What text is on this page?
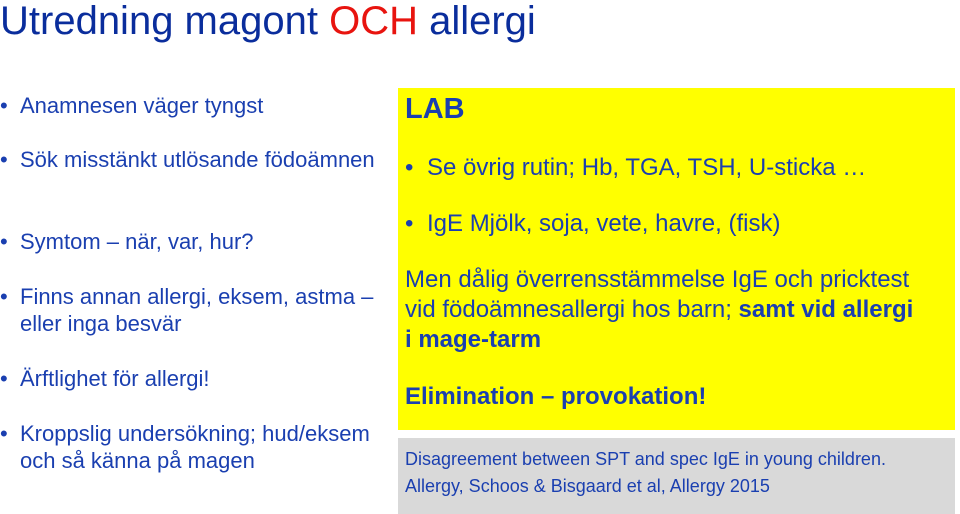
Utredning magont OCH allergi
• Anamnesen väger tyngst
• Sök misstänkt utlösande födoämnen
• Symtom – när, var, hur?
• Finns annan allergi, eksem, astma – eller inga besvär
• Ärftlighet för allergi!
• Kroppslig undersökning; hud/eksem och så känna på magen
LAB
• Se övrig rutin; Hb, TGA, TSH, U-sticka …
• IgE Mjölk, soja, vete, havre, (fisk)
Men dålig överrensstämmelse IgE och pricktest vid födoämnesallergi hos barn; samt vid allergi i mage-tarm
Elimination – provokation!

Disagreement between SPT and spec IgE in young children.

Allergy, Schoos & Bisgaard et al, Allergy 2015
